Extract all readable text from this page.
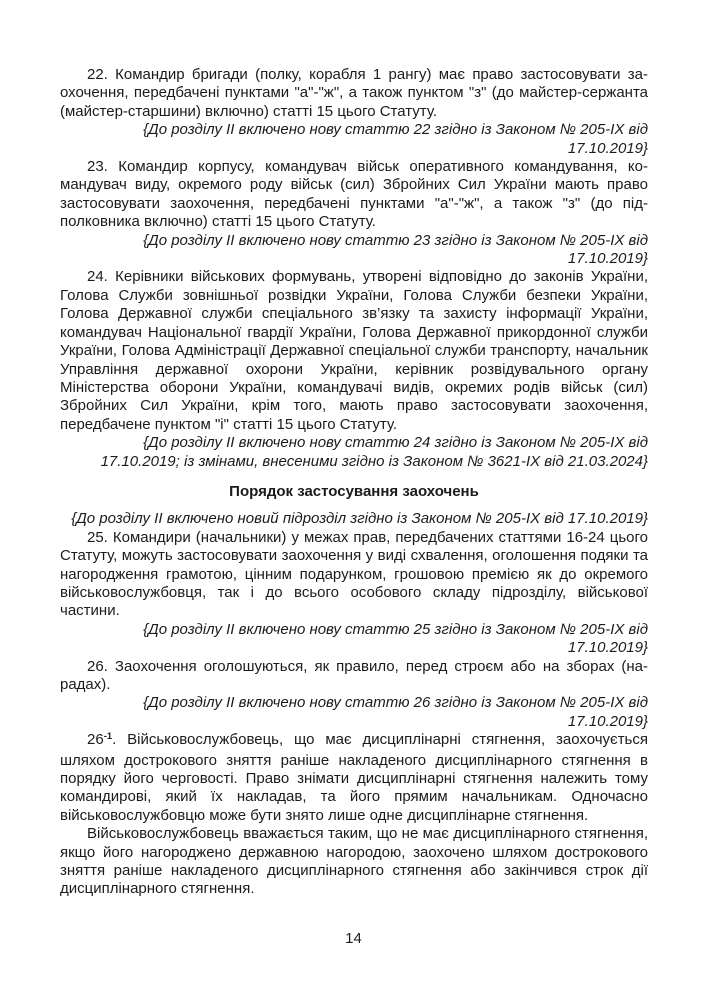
22. Командир бригади (полку, корабля 1 рангу) має право застосовувати заохочення, передбачені пунктами "а"-"ж", а також пунктом "з" (до майстер-сержанта (майстер-старшини) включно) статті 15 цього Статуту.

{До розділу II включено нову статтю 22 згідно із Законом № 205-IX від 17.10.2019}

23. Командир корпусу, командувач військ оперативного командування, командувач виду, окремого роду військ (сил) Збройних Сил України мають право застосовувати заохочення, передбачені пунктами "а"-"ж", а також "з" (до підполковника включно) статті 15 цього Статуту.

{До розділу II включено нову статтю 23 згідно із Законом № 205-IX від 17.10.2019}

24. Керівники військових формувань, утворені відповідно до законів України, Голова Служби зовнішньої розвідки України, Голова Служби безпеки України, Голова Державної служби спеціального зв’язку та захисту інформації України, командувач Національної гвардії України, Голова Державної прикордонної служби України, Голова Адміністрації Державної спеціальної служби транспорту, начальник Управління державної охорони України, керівник розвідувального органу Міністерства оборони України, командувачі видів, окремих родів військ (сил) Збройних Сил України, крім того, мають право застосовувати заохочення, передбачене пунктом "і" статті 15 цього Статуту.

{До розділу II включено нову статтю 24 згідно із Законом № 205-IX від 17.10.2019; із змінами, внесеними згідно із Законом № 3621-IX від 21.03.2024}

Порядок застосування заохочень

{До розділу II включено новий підрозділ згідно із Законом № 205-IX від 17.10.2019}

25. Командири (начальники) у межах прав, передбачених статтями 16-24 цього Статуту, можуть застосовувати заохочення у виді схвалення, оголошення подяки та нагородження грамотою, цінним подарунком, грошовою премією як до окремого військовослужбовця, так і до всього особового складу підрозділу, військової частини.

{До розділу II включено нову статтю 25 згідно із Законом № 205-IX від 17.10.2019}

26. Заохочення оголошуються, як правило, перед строєм або на зборах (нарадах).

{До розділу II включено нову статтю 26 згідно із Законом № 205-IX від 17.10.2019}

$26^{-1}$. Військовослужбовець, що має дисциплінарні стягнення, заохочується шляхом дострокового зняття раніше накладеного дисциплінарного стягнення в порядку його черговості. Право знімати дисциплінарні стягнення належить тому командирові, який їх накладав, та його прямим начальникам. Одночасно військовослужбовцю може бути знято лише одне дисциплінарне стягнення.

Військовослужбовець вважається таким, що не має дисциплінарного стягнення, якщо його нагороджено державною нагородою, заохочено шляхом дострокового зняття раніше накладеного дисциплінарного стягнення або закінчився строк дії дисциплінарного стягнення.

14
